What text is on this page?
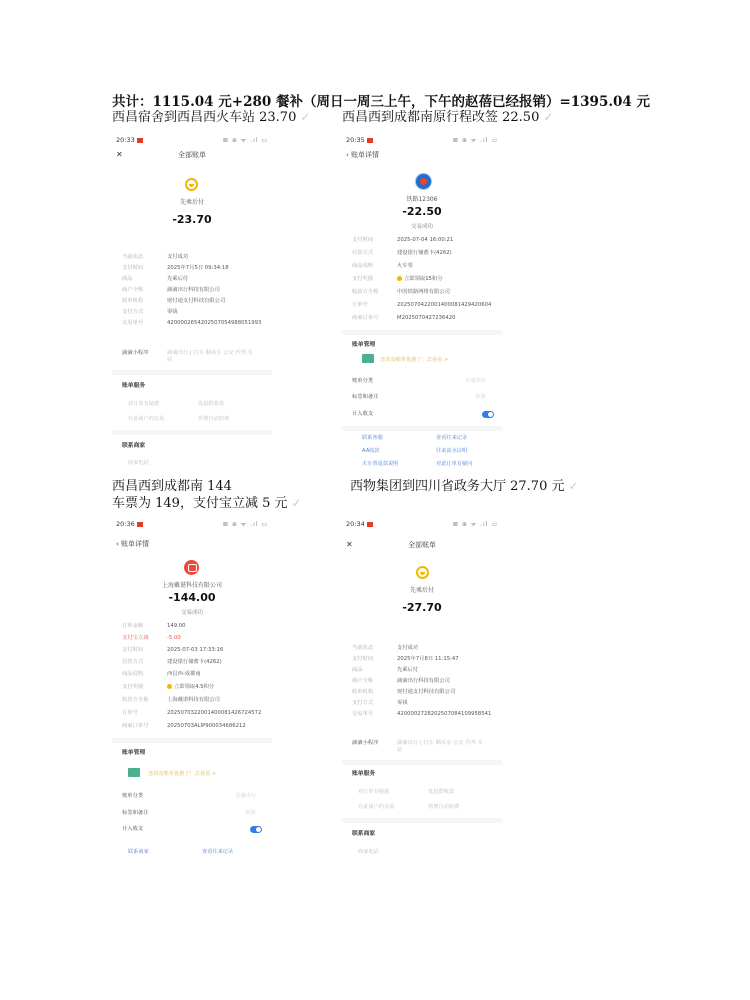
共计：1115.04 元+280 餐补（周日一周三上午，下午的赵蓓已经报销）=1395.04 元
西昌宿舍到西昌西火车站 23.70 ✓ 西昌西到成都南原行程改签 22.50 ✓
西昌西到成都南 144
车票为 149，支付宝立减 5 元 ✓
西物集团到四川省政务大厅 27.70 元 ✓
20:33	⊠ ⊕ ᯤ .ıl ▭
✕	全部账单
先乘后付
-23.70
当前状态	支付成功
支付时间	2025年7月5日 09:34:18
商品	先乘后付
商户全称	滴滴出行科技有限公司
收单机构	财付通支付科技有限公司
支付方式	零钱
交易单号	4200002654202507054988051993
滴滴小程序	滴滴出行 | 打车 顺风车 公交 代驾 车
站
账单服务
对订单有疑惑	发起群收款
在此商户的交易	管理自动扣费
联系商家
商家电话
20:35	⊠ ⊕ ᯤ .ıl ▭
‹ 账单详情
铁路12306
-22.50
交易成功
支付时间	2025-07-04 16:00:21
付款方式	建设银行储蓄卡(4262)
商品说明	火车票
支付奖励	立即领取15积分
收款方全称	中国铁路网络有限公司
订单号	2025070422001400081429420604
商家订单号	M2025070427236420
账单管理
还款及账单优惠了！去看看 >
账单分类	交通出行
标签和备注	添加
计入收支
联系客服	查看往来记录
AA收款	往来流水证明
火车票退款说明	对此订单有疑问
20:36	⊠ ⊕ ᯤ .ıl ▭
‹ 账单详情
上海戴谌科技有限公司
-144.00
交易成功
订单金额	149.00
支付宝立减	-5.00
支付时间	2025-07-03 17:33:16
付款方式	建设银行储蓄卡(4262)
商品说明	西昌西-成都南
支付奖励	立即领取4.5积分
收款方全称	上海戴谌科技有限公司
订单号	2025070322001400081426724572
商家订单号	20250703ALIP900034686212
账单管理
还款及账单优惠了！去看看 >
账单分类	交通出行
标签和备注	添加
计入收支
联系商家	查看往来记录
20:34	⊠ ⊕ ᯤ .ıl ▭
✕	全部账单
先乘后付
-27.70
当前状态	支付成功
支付时间	2025年7月8日 11:15:47
商品	先乘后付
商户全称	滴滴出行科技有限公司
收单机构	财付通支付科技有限公司
支付方式	零钱
交易单号	4200002728202507084109958541
滴滴小程序	滴滴出行 | 打车 顺风车 公交 代驾 车
站
账单服务
对订单有疑惑	发起群收款
在此商户的交易	管理自动扣费
联系商家
商家电话
